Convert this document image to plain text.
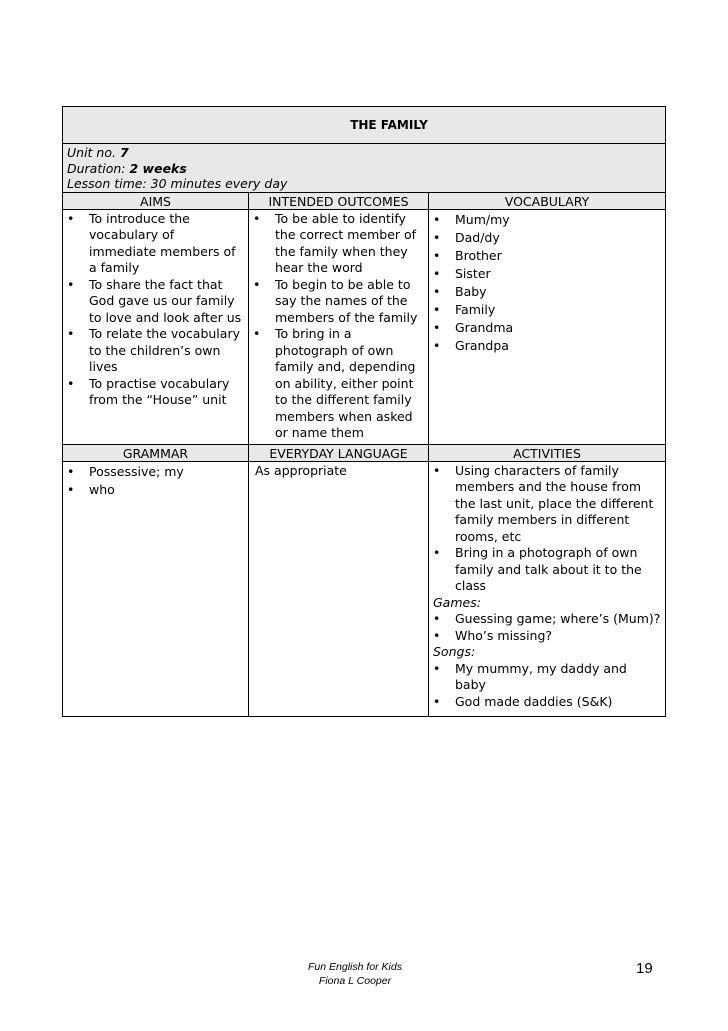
THE FAMILY
Unit no. 7
Duration: 2 weeks
Lesson time: 30 minutes every day
AIMS
• To introduce the vocabulary of immediate members of a family
• To share the fact that God gave us our family to love and look after us
• To relate the vocabulary to the children’s own lives
• To practise vocabulary from the “House” unit
INTENDED OUTCOMES
• To be able to identify the correct member of the family when they hear the word
• To begin to be able to say the names of the members of the family
• To bring in a photograph of own family and, depending on ability, either point to the different family members when asked or name them
VOCABULARY
• Mum/my
• Dad/dy
• Brother
• Sister
• Baby
• Family
• Grandma
• Grandpa
GRAMMAR
• Possessive; my
• who
EVERYDAY LANGUAGE
As appropriate
ACTIVITIES
• Using characters of family members and the house from the last unit, place the different family members in different rooms, etc
• Bring in a photograph of own family and talk about it to the class
Games:
• Guessing game; where’s (Mum)?
• Who’s missing?
Songs:
• My mummy, my daddy and baby
• God made daddies (S&K)
Fun English for Kids
Fiona L Cooper
19
